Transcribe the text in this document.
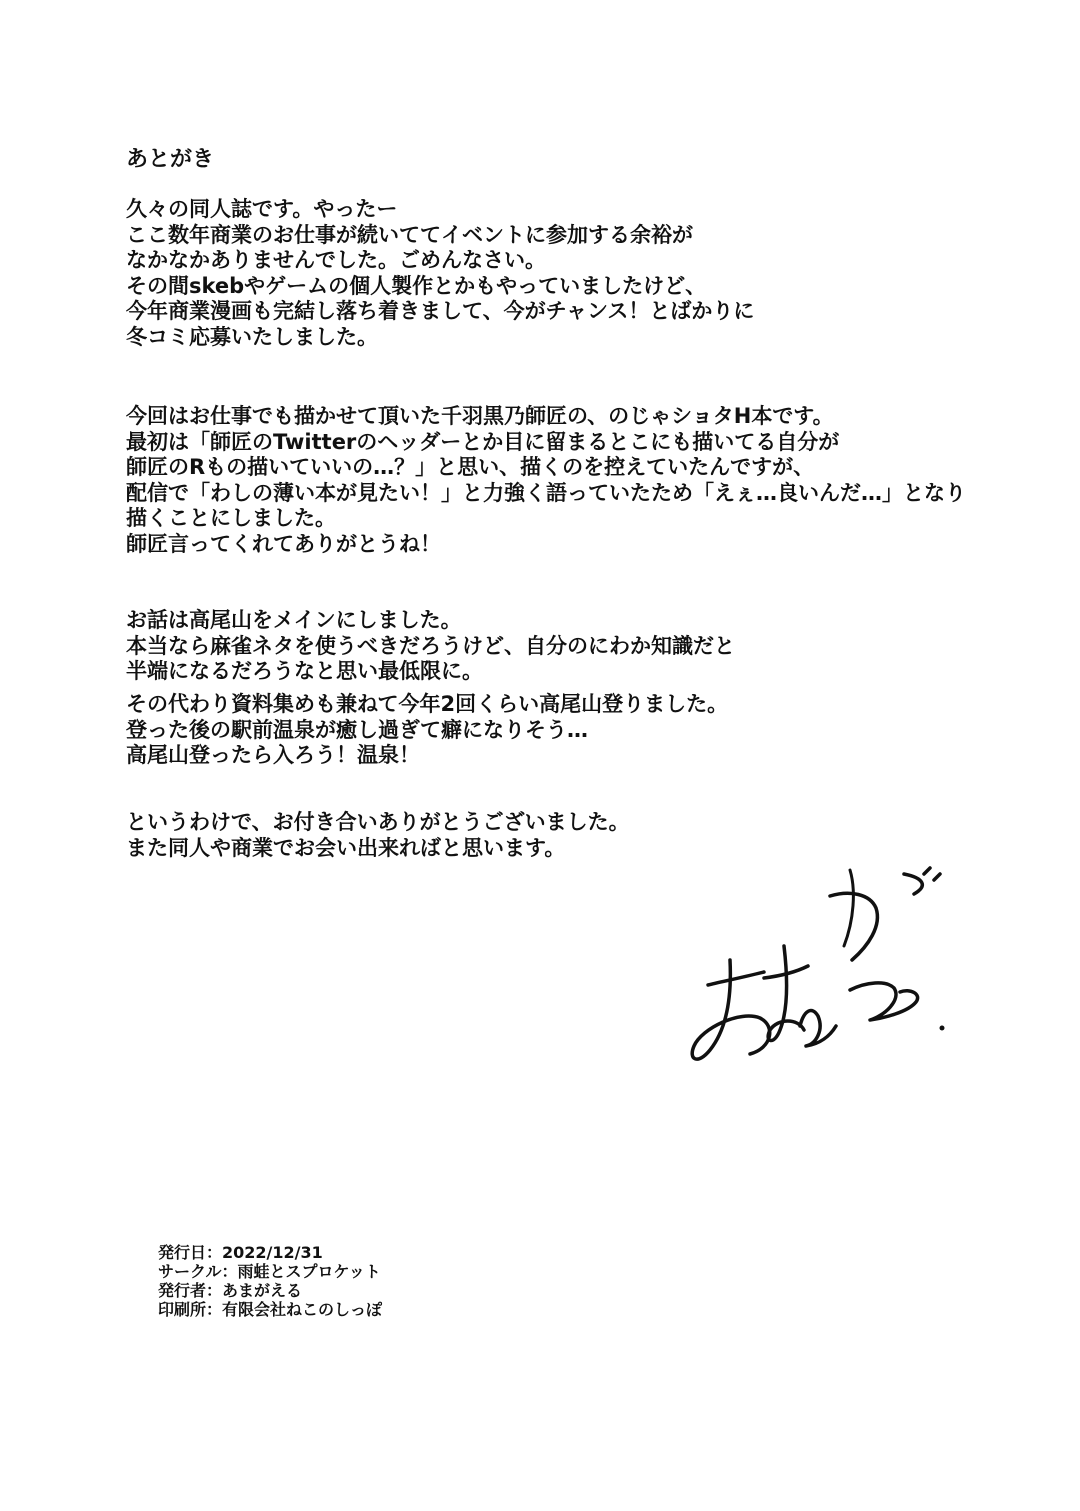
あとがき
久々の同人誌です。やったー
ここ数年商業のお仕事が続いててイベントに参加する余裕が
なかなかありませんでした。ごめんなさい。
その間skebやゲームの個人製作とかもやっていましたけど、
今年商業漫画も完結し落ち着きまして、今がチャンス！とばかりに
冬コミ応募いたしました。
今回はお仕事でも描かせて頂いた千羽黒乃師匠の、のじゃショタH本です。
最初は「師匠のTwitterのヘッダーとか目に留まるとこにも描いてる自分が
師匠のRもの描いていいの…？」と思い、描くのを控えていたんですが、
配信で「わしの薄い本が見たい！」と力強く語っていたため「えぇ…良いんだ…」となり
描くことにしました。
師匠言ってくれてありがとうね！
お話は高尾山をメインにしました。
本当なら麻雀ネタを使うべきだろうけど、自分のにわか知識だと
半端になるだろうなと思い最低限に。
その代わり資料集めも兼ねて今年2回くらい高尾山登りました。
登った後の駅前温泉が癒し過ぎて癖になりそう…
高尾山登ったら入ろう！温泉！
というわけで、お付き合いありがとうございました。
また同人や商業でお会い出来ればと思います。
発行日：2022/12/31
サークル：雨蛙とスプロケット
発行者：あまがえる
印刷所：有限会社ねこのしっぽ
